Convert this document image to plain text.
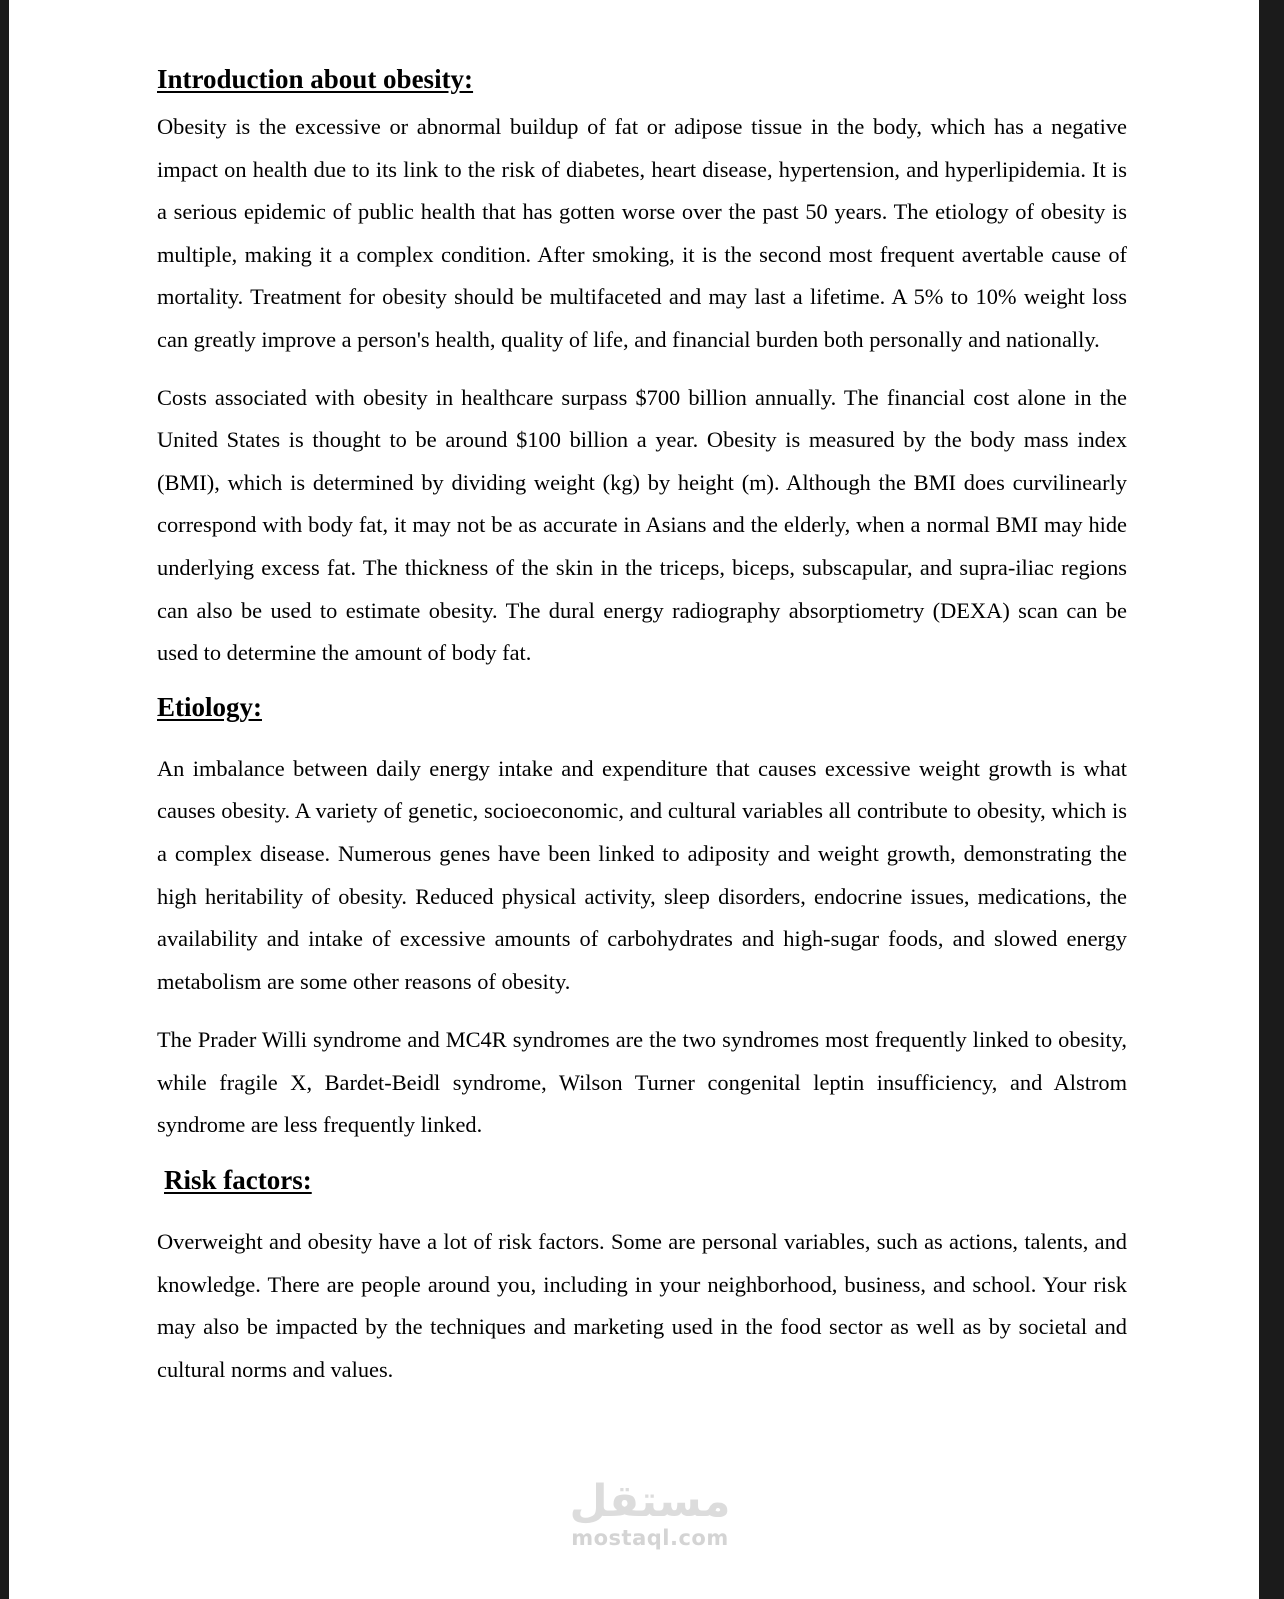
Introduction about obesity:

Obesity is the excessive or abnormal buildup of fat or adipose tissue in the body, which has a negative impact on health due to its link to the risk of diabetes, heart disease, hypertension, and hyperlipidemia. It is a serious epidemic of public health that has gotten worse over the past 50 years. The etiology of obesity is multiple, making it a complex condition. After smoking, it is the second most frequent avertable cause of mortality. Treatment for obesity should be multifaceted and may last a lifetime. A 5% to 10% weight loss can greatly improve a person's health, quality of life, and financial burden both personally and nationally.

Costs associated with obesity in healthcare surpass $700 billion annually. The financial cost alone in the United States is thought to be around $100 billion a year. Obesity is measured by the body mass index (BMI), which is determined by dividing weight (kg) by height (m). Although the BMI does curvilinearly correspond with body fat, it may not be as accurate in Asians and the elderly, when a normal BMI may hide underlying excess fat. The thickness of the skin in the triceps, biceps, subscapular, and supra-iliac regions can also be used to estimate obesity. The dural energy radiography absorptiometry (DEXA) scan can be used to determine the amount of body fat.

Etiology:

An imbalance between daily energy intake and expenditure that causes excessive weight growth is what causes obesity. A variety of genetic, socioeconomic, and cultural variables all contribute to obesity, which is a complex disease. Numerous genes have been linked to adiposity and weight growth, demonstrating the high heritability of obesity. Reduced physical activity, sleep disorders, endocrine issues, medications, the availability and intake of excessive amounts of carbohydrates and high-sugar foods, and slowed energy metabolism are some other reasons of obesity.

The Prader Willi syndrome and MC4R syndromes are the two syndromes most frequently linked to obesity, while fragile X, Bardet-Beidl syndrome, Wilson Turner congenital leptin insufficiency, and Alstrom syndrome are less frequently linked.

Risk factors:

Overweight and obesity have a lot of risk factors. Some are personal variables, such as actions, talents, and knowledge. There are people around you, including in your neighborhood, business, and school. Your risk may also be impacted by the techniques and marketing used in the food sector as well as by societal and cultural norms and values.

مستقل
mostaql.com
